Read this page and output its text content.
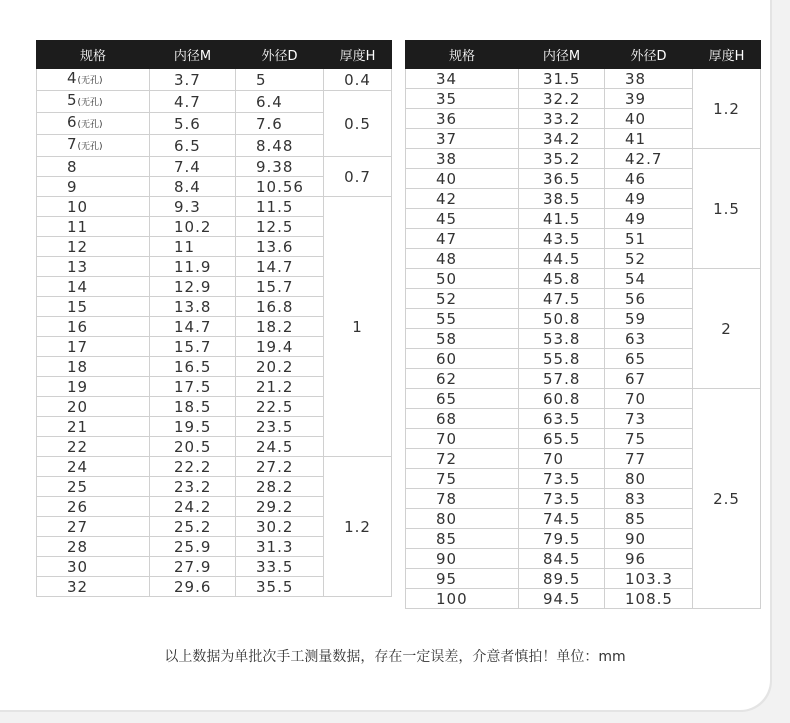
规格	内径M	外径D	厚度H
4(无孔)	3.7	5	0.4
5(无孔)	4.7	6.4	0.5
6(无孔)	5.6	7.6	
7(无孔)	6.5	8.48	
8	7.4	9.38	0.7
9	8.4	10.56	
10	9.3	11.5	1
11	10.2	12.5	
12	11	13.6	
13	11.9	14.7	
14	12.9	15.7	
15	13.8	16.8	
16	14.7	18.2	
17	15.7	19.4	
18	16.5	20.2	
19	17.5	21.2	
20	18.5	22.5	
21	19.5	23.5	
22	20.5	24.5	
24	22.2	27.2	1.2
25	23.2	28.2	
26	24.2	29.2	
27	25.2	30.2	
28	25.9	31.3	
30	27.9	33.5	
32	29.6	35.5	
规格	内径M	外径D	厚度H
34	31.5	38	1.2
35	32.2	39	
36	33.2	40	
37	34.2	41	
38	35.2	42.7	1.5
40	36.5	46	
42	38.5	49	
45	41.5	49	
47	43.5	51	
48	44.5	52	
50	45.8	54	2
52	47.5	56	
55	50.8	59	
58	53.8	63	
60	55.8	65	
62	57.8	67	
65	60.8	70	2.5
68	63.5	73	
70	65.5	75	
72	70	77	
75	73.5	80	
78	73.5	83	
80	74.5	85	
85	79.5	90	
90	84.5	96	
95	89.5	103.3	
100	94.5	108.5	
以上数据为单批次手工测量数据，存在一定误差，介意者慎拍！单位：mm
